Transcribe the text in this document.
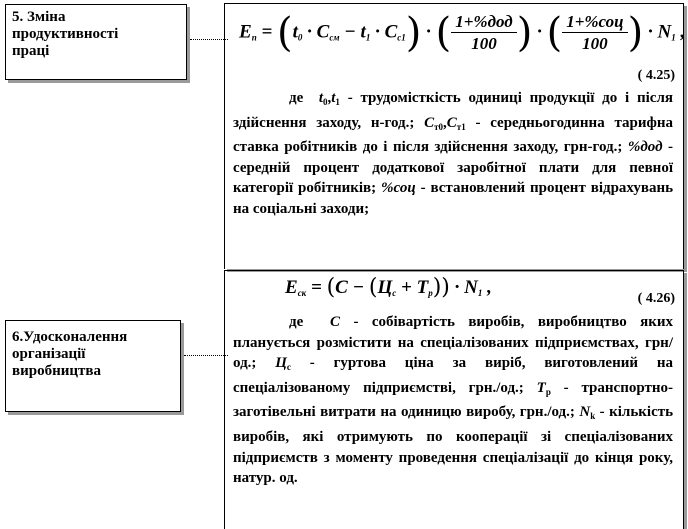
5. Зміна
продуктивності
праці
6.Удосконалення
організації
виробництва
$Е_п = (t_0 \cdot С_{см} - t_1 \cdot С_{с1})$ · ( $\frac{\text{1+\%дод}}{100}$ ) · ( $\frac{\text{1+\%соц}}{100}$ ) · $N_1$ ,
( 4.25)

де $t_0,t_1$ - трудомісткість одиниці продукції до і після здійснення заходу, н-год.; $С_{т0},С_{т1}$ - середньогодинна тарифна ставка робітників до і після здійснення заходу, грн-год.; %дод - середній процент додаткової заробітної плати для певної категорії робітників; %соц - встановлений процент відрахувань на соціальні заходи;

$Е_{ск} = (С - (Ц_с + Т_р)) \cdot N_1$ ,
( 4.26)

де С - собівартість виробів, виробництво яких планується розмістити на спеціалізованих підприємствах, грн/од.; $Ц_с$ - гуртова ціна за виріб, виготовлений на спеціалізованому підприємстві, грн./од.; $Т_р$ - транспортно-заготівельні витрати на одиницю виробу, грн./од.; $N_k$ - кількість виробів, які отримують по кооперації зі спеціалізованих підприємств з моменту проведення спеціалізації до кінця року, натур. од.
